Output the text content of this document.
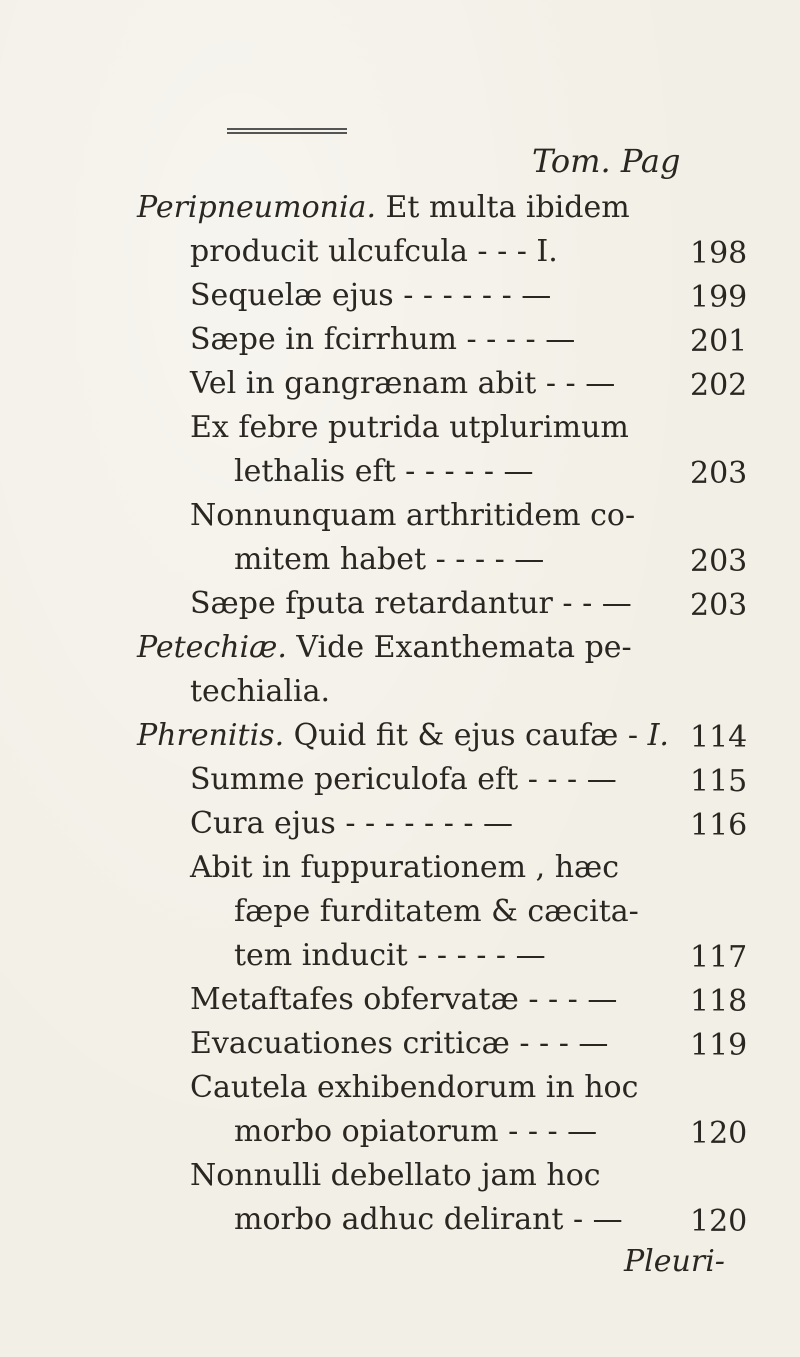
Tom. Pag
Peripneumonia. Et multa ibidem
producit ulcufcula - - - I.	198
Sequelæ ejus - - - - - - —	199
Sæpe in fcirrhum - - - - —	201
Vel in gangrænam abit - - — 202
Ex febre putrida utplurimum
lethalis eft - - - - - —	203
Nonnunquam arthritidem co-
mitem habet - - - - —	203
Sæpe fputa retardantur - - — 203
Petechiæ. Vide Exanthemata pe-
techialia.
Phrenitis. Quid fit & ejus caufæ - I. 114
Summe periculofa eft - - - — 115
Cura ejus - - - - - - - —	116
Abit in fuppurationem , hæc
fæpe furditatem & cæcita-
tem inducit - - - - - —	117
Metaftafes obfervatæ - - - — 118
Evacuationes criticæ - - - —	119
Cautela exhibendorum in hoc
morbo opiatorum - - - —	120
Nonnulli debellato jam hoc
morbo adhuc delirant - — 120
Pleuri-
